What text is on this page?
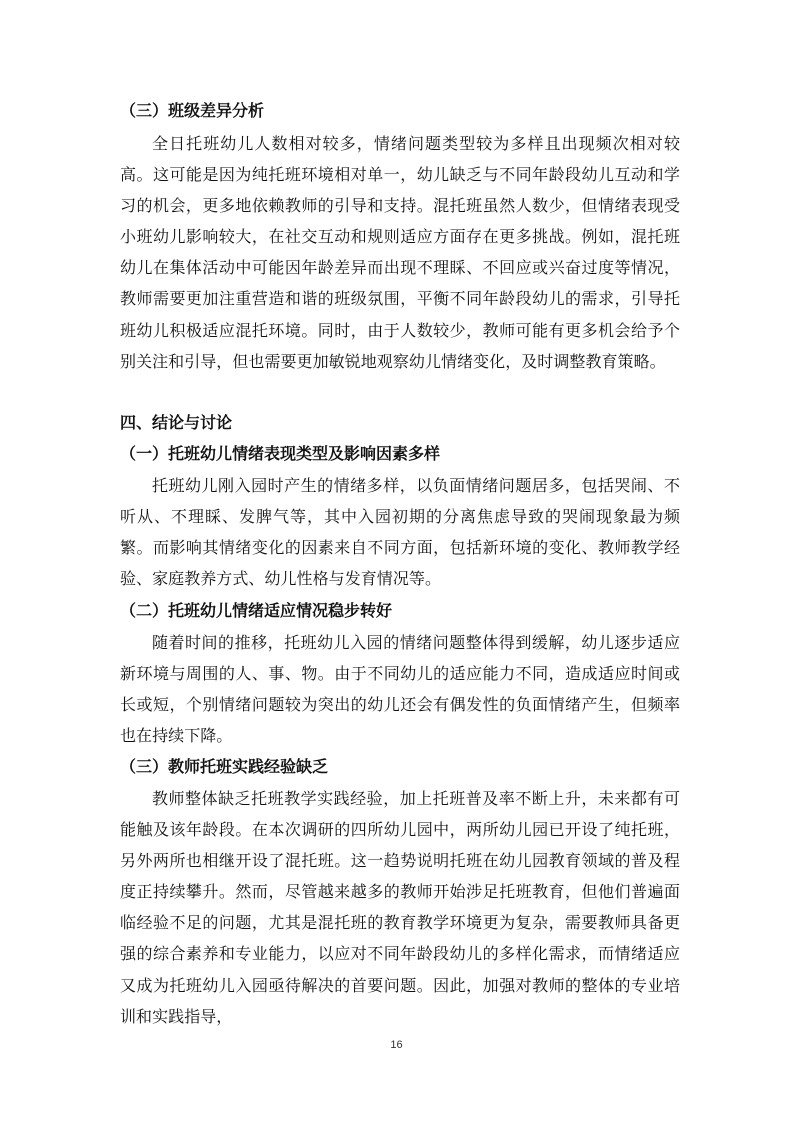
（三）班级差异分析
全日托班幼儿人数相对较多，情绪问题类型较为多样且出现频次相对较高。这可能是因为纯托班环境相对单一，幼儿缺乏与不同年龄段幼儿互动和学习的机会，更多地依赖教师的引导和支持。混托班虽然人数少，但情绪表现受小班幼儿影响较大，在社交互动和规则适应方面存在更多挑战。例如，混托班幼儿在集体活动中可能因年龄差异而出现不理睬、不回应或兴奋过度等情况，教师需要更加注重营造和谐的班级氛围，平衡不同年龄段幼儿的需求，引导托班幼儿积极适应混托环境。同时，由于人数较少，教师可能有更多机会给予个别关注和引导，但也需要更加敏锐地观察幼儿情绪变化，及时调整教育策略。
四、结论与讨论
（一）托班幼儿情绪表现类型及影响因素多样
托班幼儿刚入园时产生的情绪多样，以负面情绪问题居多，包括哭闹、不听从、不理睬、发脾气等，其中入园初期的分离焦虑导致的哭闹现象最为频繁。而影响其情绪变化的因素来自不同方面，包括新环境的变化、教师教学经验、家庭教养方式、幼儿性格与发育情况等。
（二）托班幼儿情绪适应情况稳步转好
随着时间的推移，托班幼儿入园的情绪问题整体得到缓解，幼儿逐步适应新环境与周围的人、事、物。由于不同幼儿的适应能力不同，造成适应时间或长或短，个别情绪问题较为突出的幼儿还会有偶发性的负面情绪产生，但频率也在持续下降。
（三）教师托班实践经验缺乏
教师整体缺乏托班教学实践经验，加上托班普及率不断上升，未来都有可能触及该年龄段。在本次调研的四所幼儿园中，两所幼儿园已开设了纯托班，另外两所也相继开设了混托班。这一趋势说明托班在幼儿园教育领域的普及程度正持续攀升。然而，尽管越来越多的教师开始涉足托班教育，但他们普遍面临经验不足的问题，尤其是混托班的教育教学环境更为复杂，需要教师具备更强的综合素养和专业能力，以应对不同年龄段幼儿的多样化需求，而情绪适应又成为托班幼儿入园亟待解决的首要问题。因此，加强对教师的整体的专业培训和实践指导，
16
